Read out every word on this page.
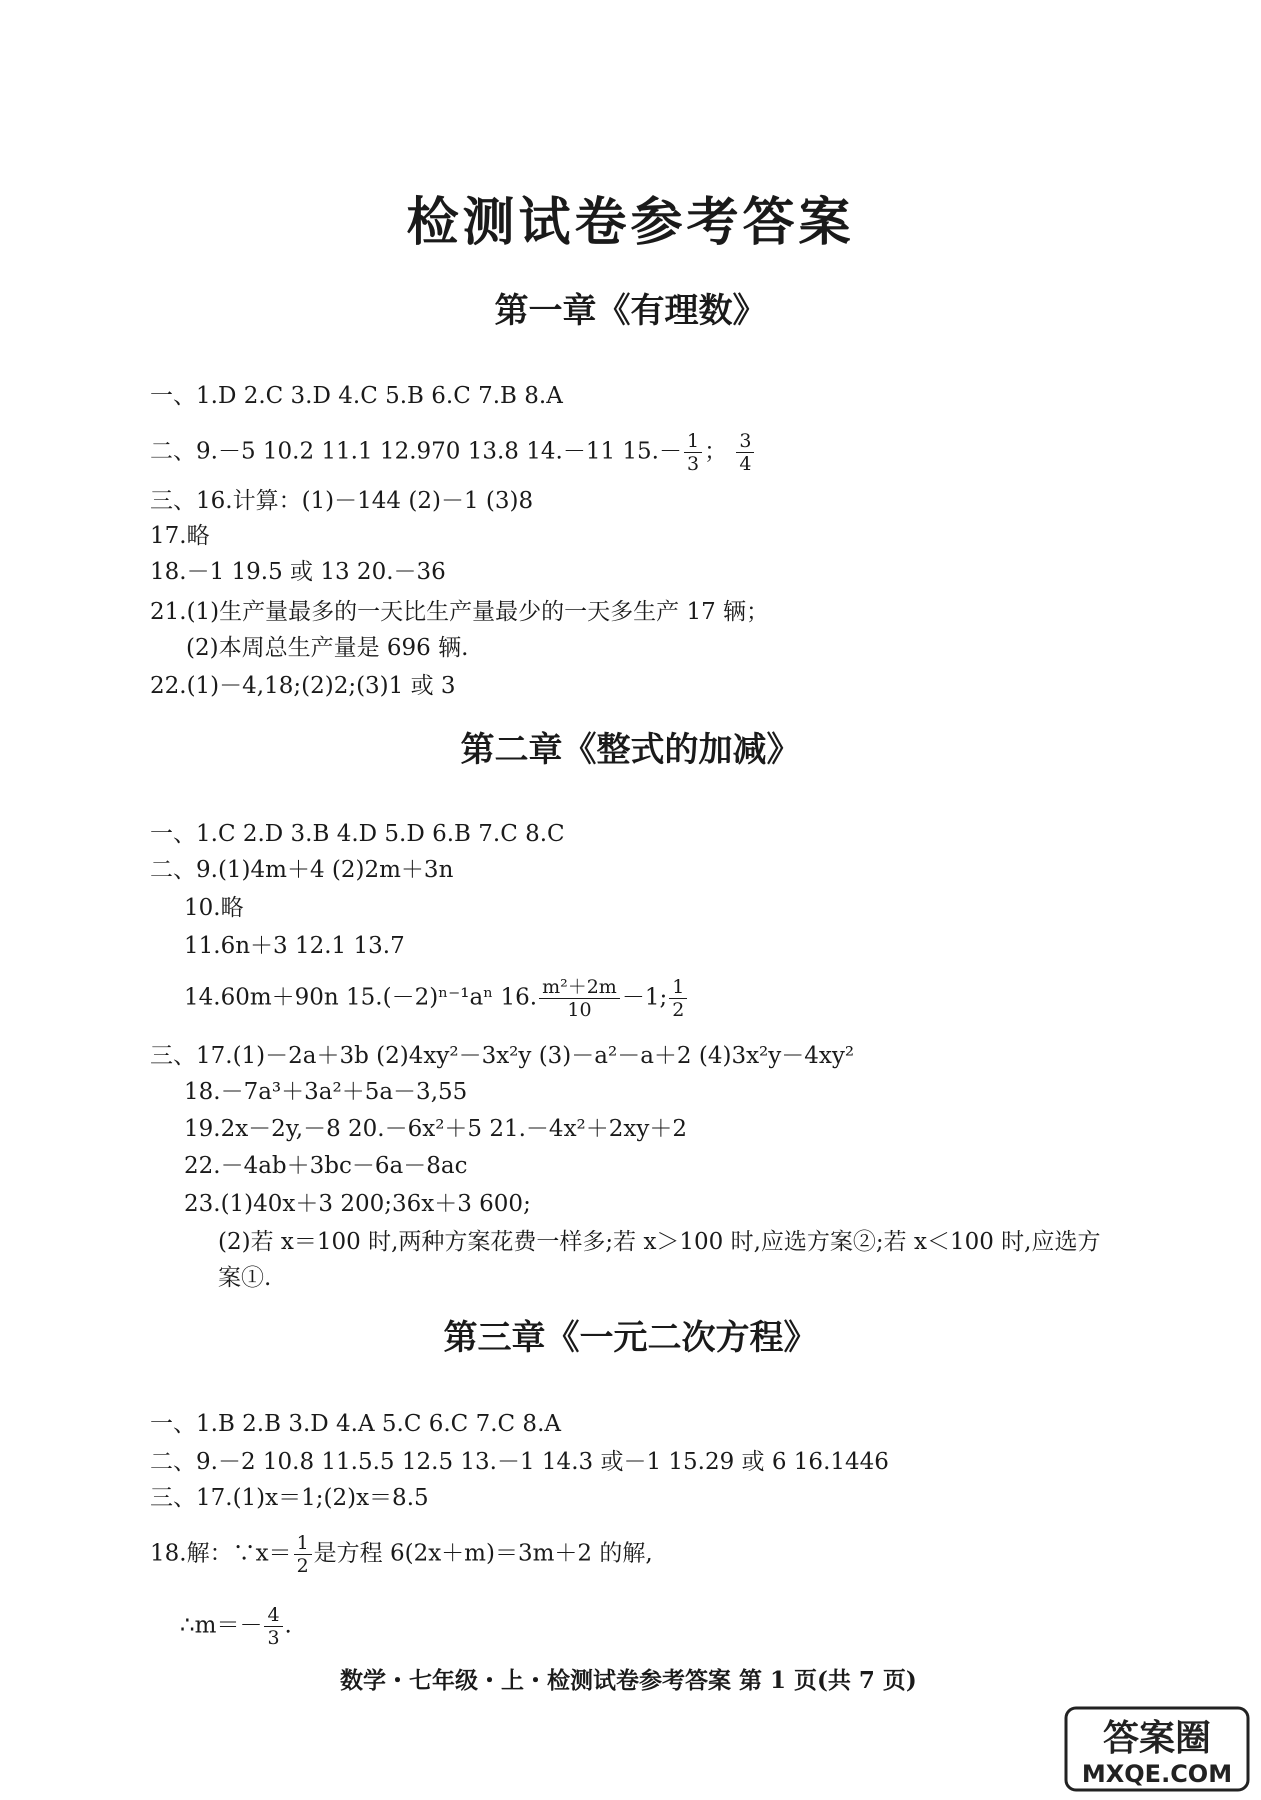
检测试卷参考答案
第一章《有理数》
一、1.D 2.C 3.D 4.C 5.B 6.C 7.B 8.A
二、9.－5 10.2 11.1 12.970 13.8 14.－11 $15.- \frac{1}{3}$ ； $\frac{3}{4}$
三、16.计算：(1)－144 (2)－1 (3)8
17.略
18.－1 19.5 或 13 20.－36
21.(1)生产量最多的一天比生产量最少的一天多生产 17 辆；
(2)本周总生产量是 696 辆.
22.(1)－4,18;(2)2;(3)1 或 3
第二章《整式的加减》
一、1.C 2.D 3.B 4.D 5.D 6.B 7.C 8.C
二、9.(1)4m＋4 (2)2m＋3n
10.略
11.6n＋3 12.1 13.7
14.60m＋90n 15.(－2)ⁿ⁻¹aⁿ 16. $\frac{\text{m²＋2m}}{10} -1$; $\frac{1}{2}$
三、17.(1)－2a＋3b (2)4xy²－3x²y (3)－a²－a＋2 (4)3x²y－4xy²
18.－7a³＋3a²＋5a－3,55
19.2x－2y,－8 20.－6x²＋5 21.－4x²＋2xy＋2
22.－4ab＋3bc－6a－8ac
23.(1)40x＋3 200;36x＋3 600;
(2)若 x＝100 时,两种方案花费一样多;若 x＞100 时,应选方案②;若 x＜100 时,应选方
案①.
第三章《一元二次方程》
一、1.B 2.B 3.D 4.A 5.C 6.C 7.C 8.A
二、9.－2 10.8 11.5.5 12.5 13.－1 14.3 或－1 15.29 或 6 16.1446
三、17.(1)x＝1;(2)x＝8.5
18.解：∵x＝ $\frac{1}{2}$ 是方程 6(2x＋m)＝3m＋2 的解,
∴m＝－ $\frac{4}{3}$ .
数学・七年级・上・检测试卷参考答案 第 1 页(共 7 页)
答案圈
MXQE.COM
